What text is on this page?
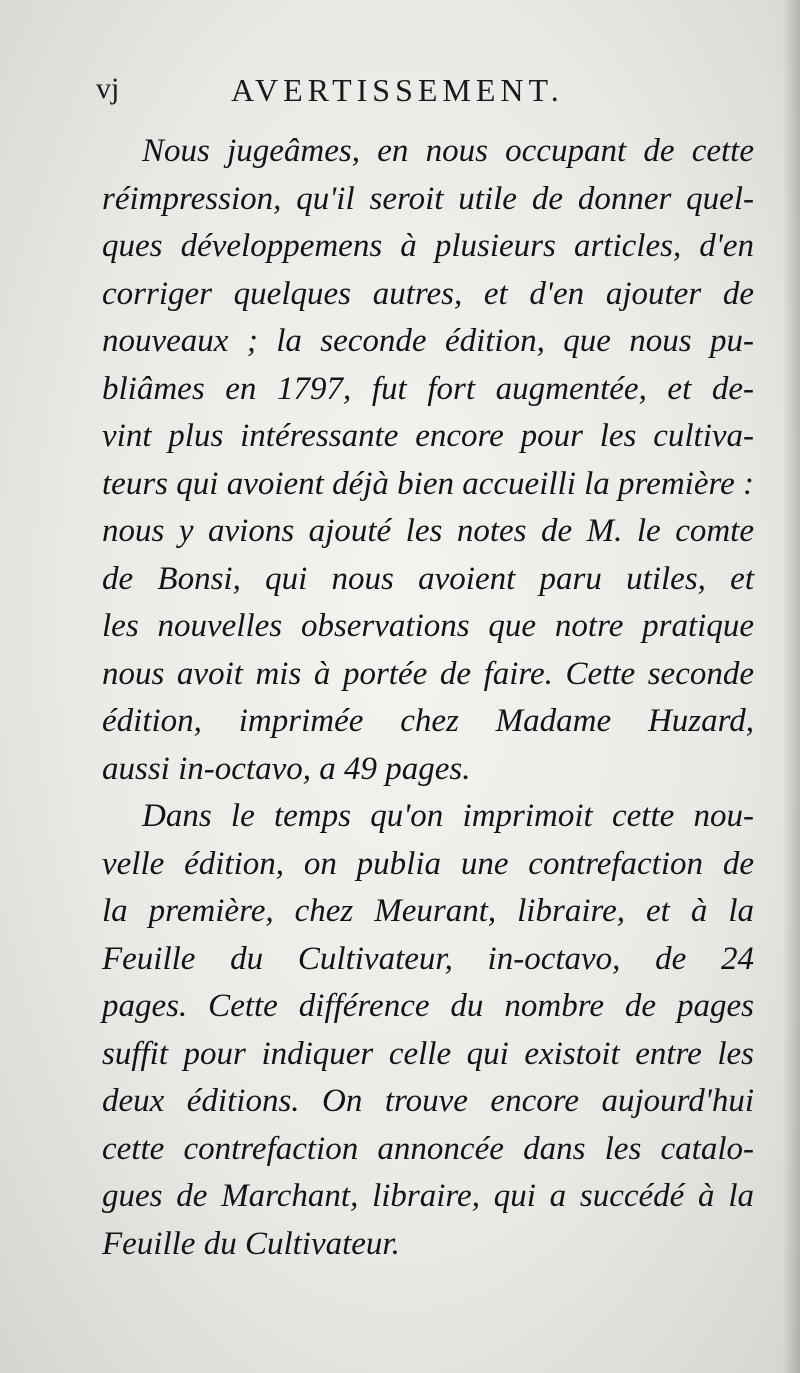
vj	AVERTISSEMENT.
Nous jugeâmes, en nous occupant de cette
réimpression, qu'il seroit utile de donner quel-
ques développemens à plusieurs articles, d'en
corriger quelques autres, et d'en ajouter de
nouveaux ; la seconde édition, que nous pu-
bliâmes en 1797, fut fort augmentée, et de-
vint plus intéressante encore pour les cultiva-
teurs qui avoient déjà bien accueilli la première :
nous y avions ajouté les notes de M. le comte
de Bonsi, qui nous avoient paru utiles, et
les nouvelles observations que notre pratique
nous avoit mis à portée de faire. Cette seconde
édition, imprimée chez Madame Huzard,
aussi in-octavo, a 49 pages.
Dans le temps qu'on imprimoit cette nou-
velle édition, on publia une contrefaction de
la première, chez Meurant, libraire, et à la
Feuille du Cultivateur, in-octavo, de 24
pages. Cette différence du nombre de pages
suffit pour indiquer celle qui existoit entre les
deux éditions. On trouve encore aujourd'hui
cette contrefaction annoncée dans les catalo-
gues de Marchant, libraire, qui a succédé à la
Feuille du Cultivateur.
